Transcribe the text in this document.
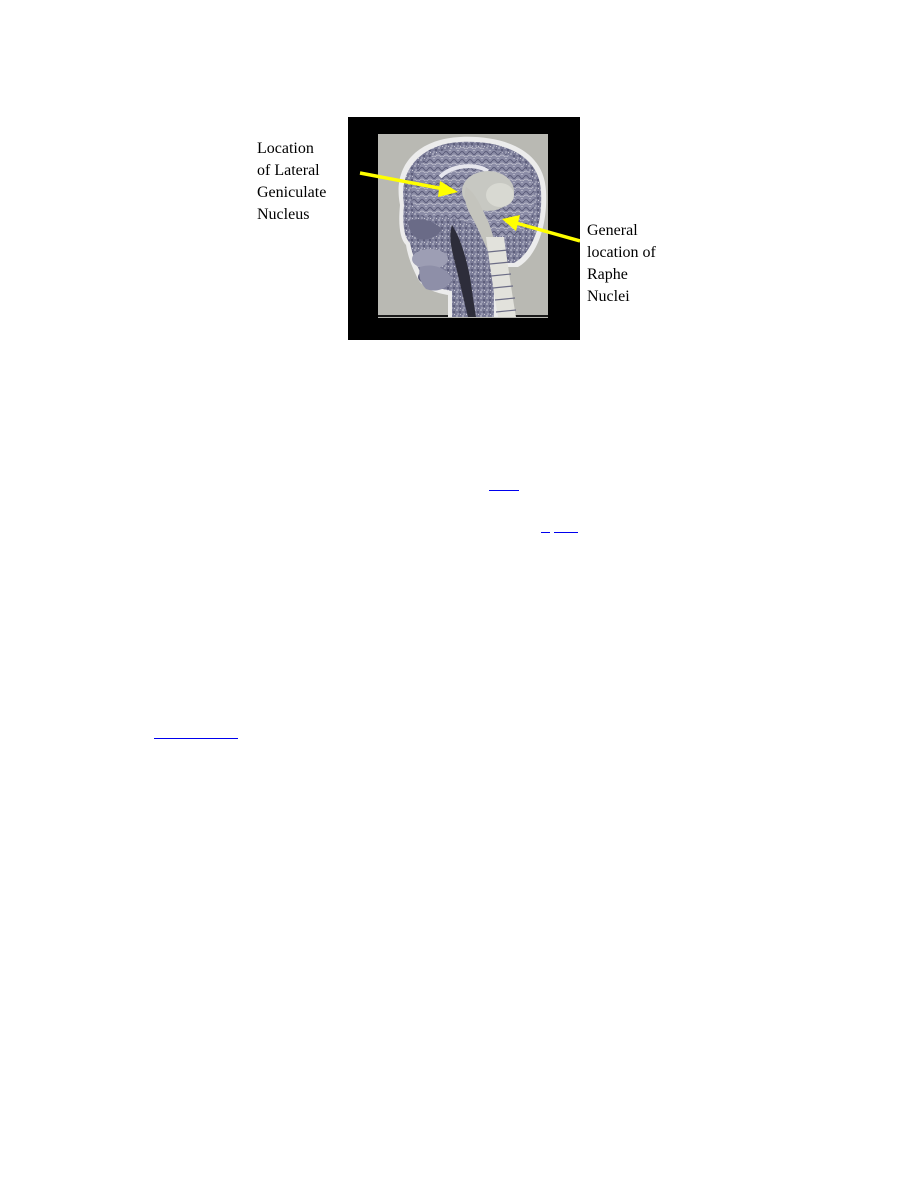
Location
of Lateral
Geniculate
Nucleus
General
location of
Raphe
Nuclei
